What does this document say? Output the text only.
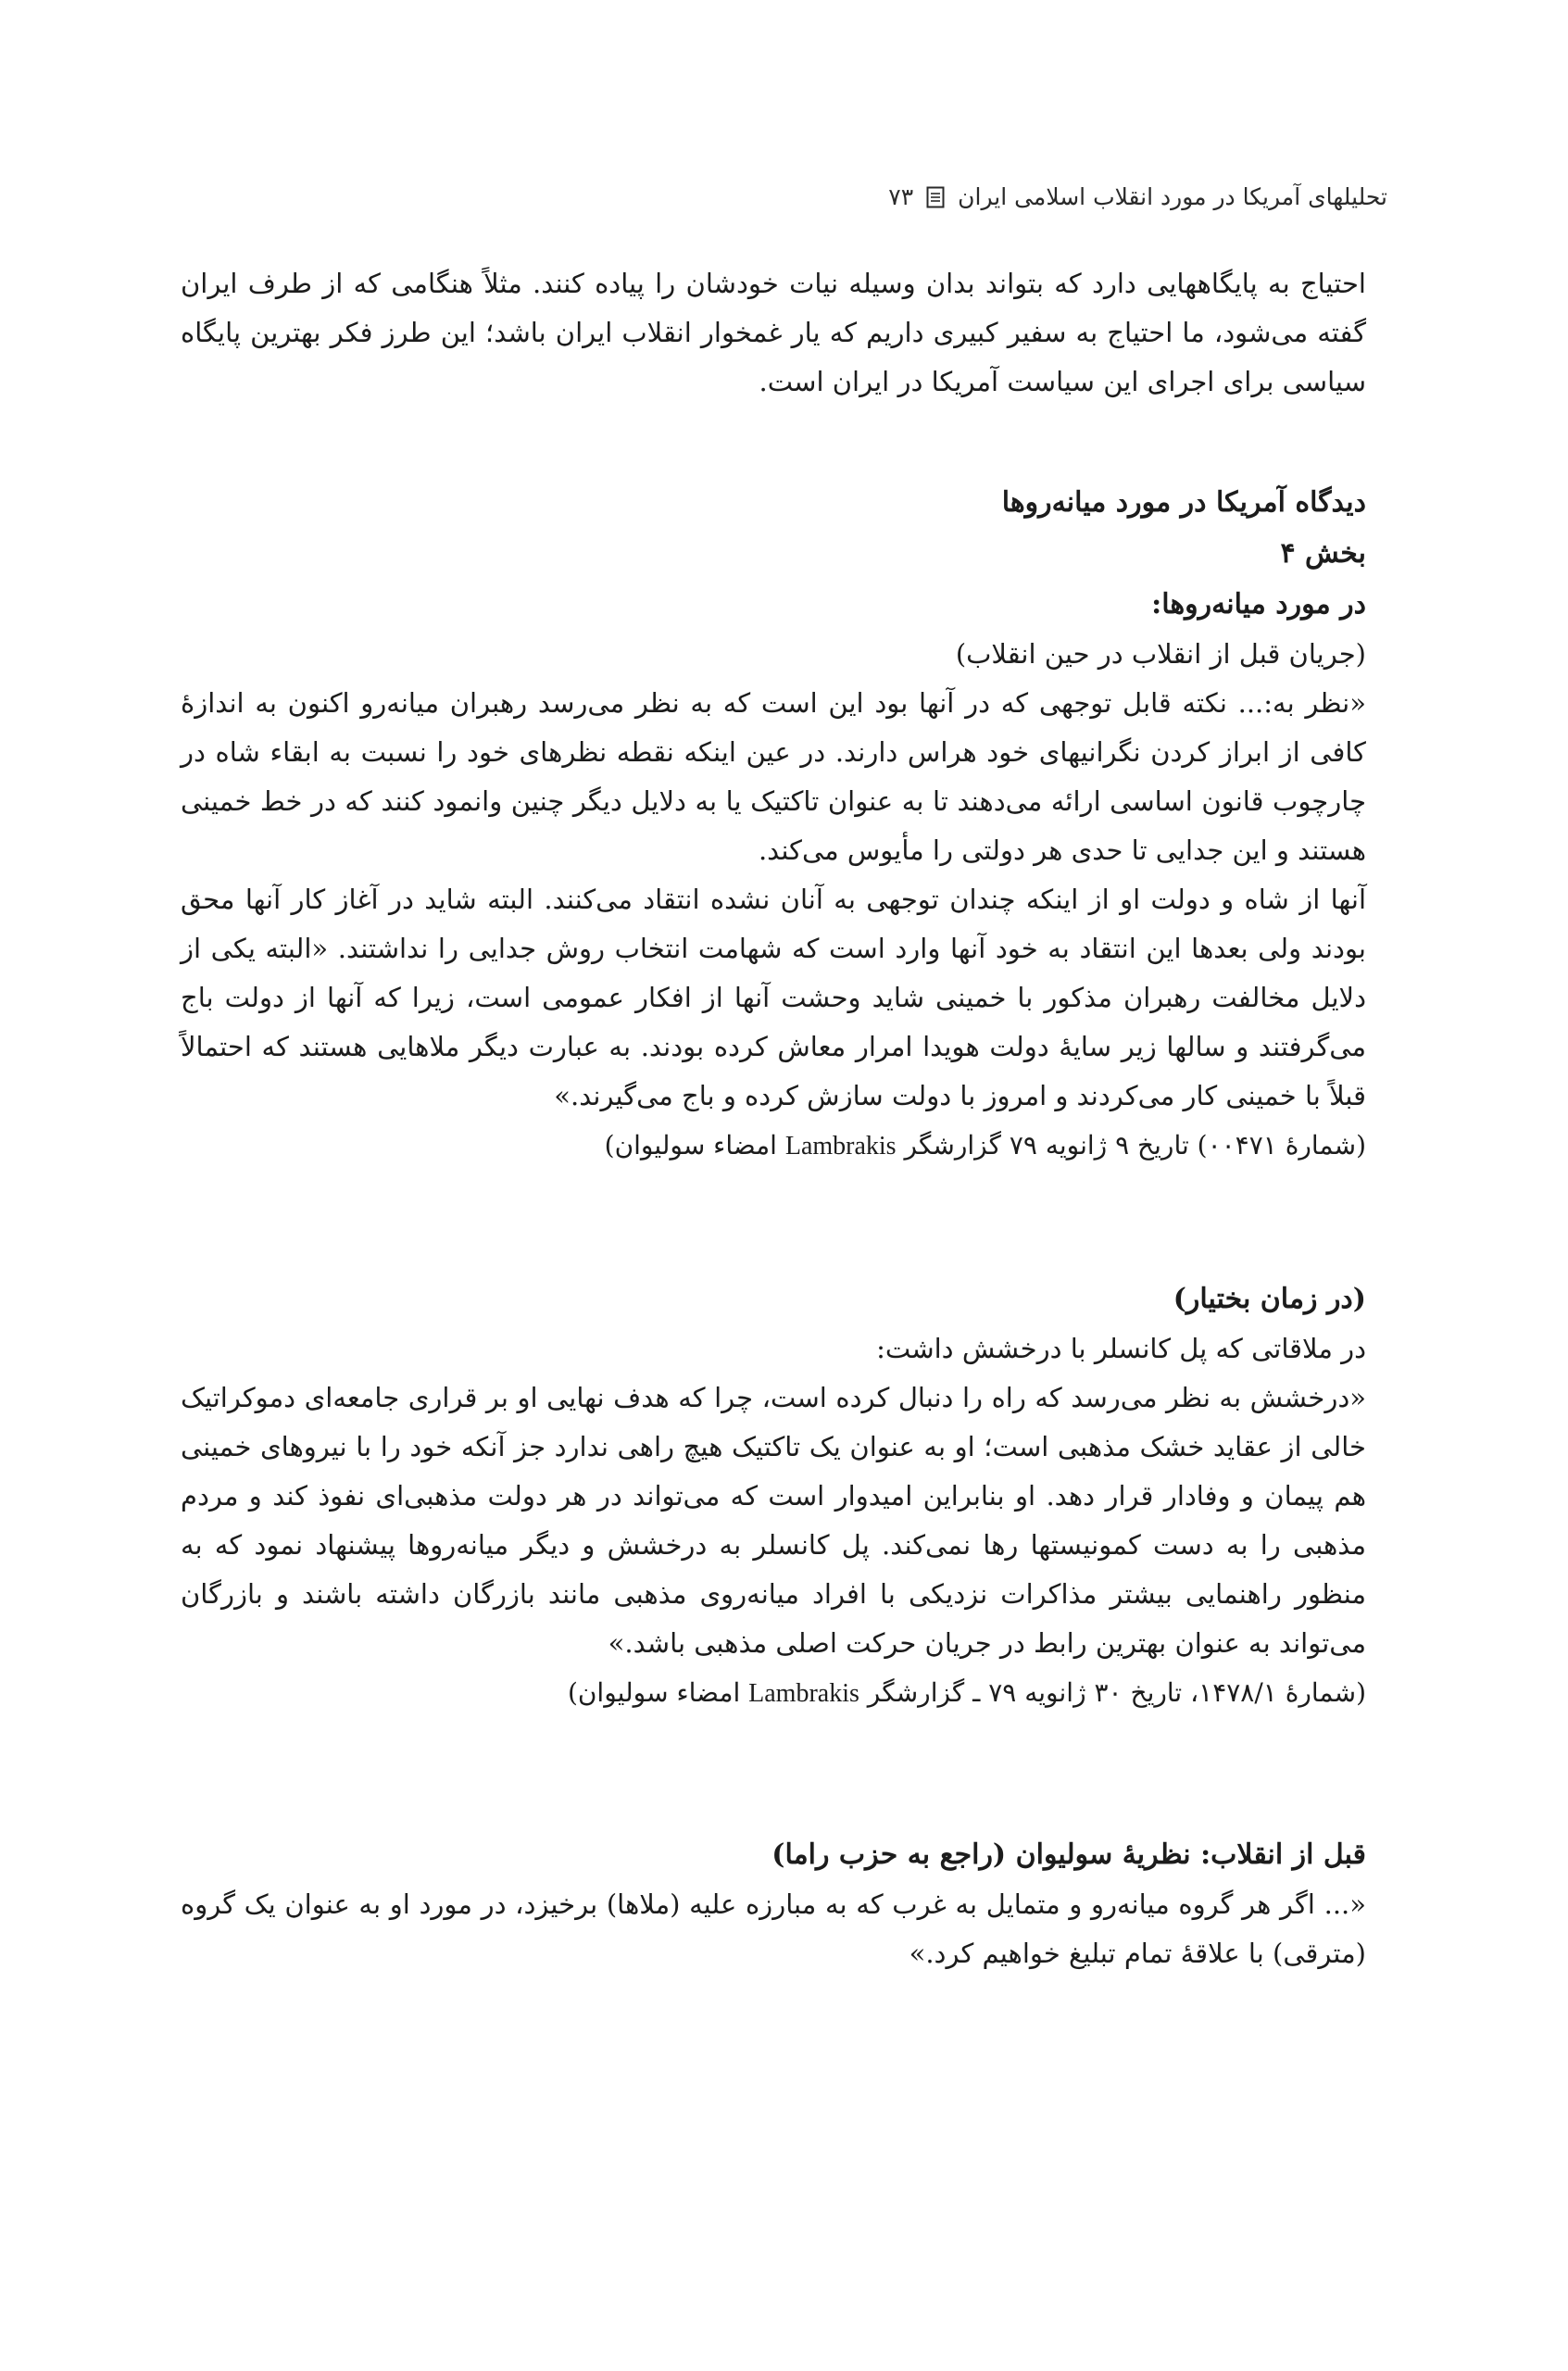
تحلیلهای آمریکا در مورد انقلاب اسلامی ایران
۷۳

احتیاج به پایگاههایی دارد که بتواند بدان وسیله نیات خودشان را پیاده کنند. مثلاً هنگامی که از طرف ایران گفته می‌شود، ما احتیاج به سفیر کبیری داریم که یار غمخوار انقلاب ایران باشد؛ این طرز فکر بهترین پایگاه سیاسی برای اجرای این سیاست آمریکا در ایران است.

دیدگاه آمریکا در مورد میانه‌روها

بخش ۴

در مورد میانه‌روها:

(جریان قبل از انقلاب در حین انقلاب)

«نظر به:... نکته قابل توجهی که در آنها بود این است که به نظر می‌رسد رهبران میانه‌رو اکنون به اندازهٔ کافی از ابراز کردن نگرانیهای خود هراس دارند. در عین اینکه نقطه نظرهای خود را نسبت به ابقاء شاه در چارچوب قانون اساسی ارائه می‌دهند تا به عنوان تاکتیک یا به دلایل دیگر چنین وانمود کنند که در خط خمینی هستند و این جدایی تا حدی هر دولتی را مأیوس می‌کند.

آنها از شاه و دولت او از اینکه چندان توجهی به آنان نشده انتقاد می‌کنند. البته شاید در آغاز کار آنها محق بودند ولی بعدها این انتقاد به خود آنها وارد است که شهامت انتخاب روش جدایی را نداشتند. «البته یکی از دلایل مخالفت رهبران مذکور با خمینی شاید وحشت آنها از افکار عمومی است، زیرا که آنها از دولت باج می‌گرفتند و سالها زیر سایهٔ دولت هویدا امرار معاش کرده بودند. به عبارت دیگر ملاهایی هستند که احتمالاً قبلاً با خمینی کار می‌کردند و امروز با دولت سازش کرده و باج می‌گیرند.»

(شمارهٔ ۰۰۴۷۱) تاریخ ۹ ژانویه ۷۹ گزارشگر Lambrakis امضاء سولیوان)

(در زمان بختیار)

در ملاقاتی که پل کانسلر با درخشش داشت:

«درخشش به نظر می‌رسد که راه را دنبال کرده است، چرا که هدف نهایی او بر قراری جامعه‌ای دموکراتیک خالی از عقاید خشک مذهبی است؛ او به عنوان یک تاکتیک هیچ راهی ندارد جز آنکه خود را با نیروهای خمینی هم پیمان و وفادار قرار دهد. او بنابراین امیدوار است که می‌تواند در هر دولت مذهبی‌ای نفوذ کند و مردم مذهبی را به دست کمونیستها رها نمی‌کند. پل کانسلر به درخشش و دیگر میانه‌روها پیشنهاد نمود که به منظور راهنمایی بیشتر مذاکرات نزدیکی با افراد میانه‌روی مذهبی مانند بازرگان داشته باشند و بازرگان می‌تواند به عنوان بهترین رابط در جریان حرکت اصلی مذهبی باشد.»

(شمارهٔ ۱۴۷۸/۱، تاریخ ۳۰ ژانویه ۷۹ ـ گزارشگر Lambrakis امضاء سولیوان)

قبل از انقلاب: نظریهٔ سولیوان (راجع به حزب راما)

«... اگر هر گروه میانه‌رو و متمایل به غرب که به مبارزه علیه (ملاها) برخیزد، در مورد او به عنوان یک گروه (مترقی) با علاقهٔ تمام تبلیغ خواهیم کرد.»
